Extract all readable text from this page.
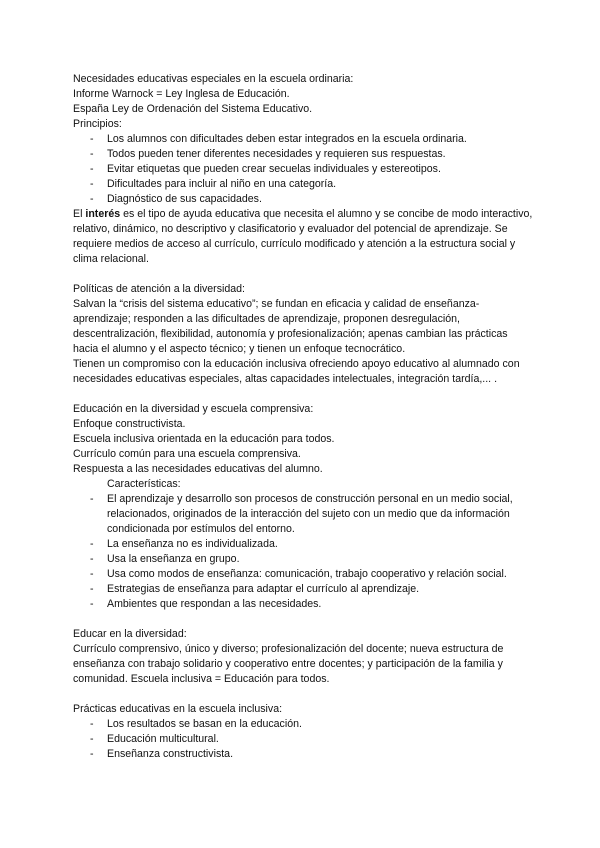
Necesidades educativas especiales en la escuela ordinaria:

Informe Warnock = Ley Inglesa de Educación.

España Ley de Ordenación del Sistema Educativo.

Principios:

- Los alumnos con dificultades deben estar integrados en la escuela ordinaria.
- Todos pueden tener diferentes necesidades y requieren sus respuestas.
- Evitar etiquetas que pueden crear secuelas individuales y estereotipos.
- Dificultades para incluir al niño en una categoría.
- Diagnóstico de sus capacidades.

El interés es el tipo de ayuda educativa que necesita el alumno y se concibe de modo interactivo, relativo, dinámico, no descriptivo y clasificatorio y evaluador del potencial de aprendizaje. Se requiere medios de acceso al currículo, currículo modificado y atención a la estructura social y clima relacional.

Políticas de atención a la diversidad:

Salvan la “crisis del sistema educativo”; se fundan en eficacia y calidad de enseñanza-aprendizaje; responden a las dificultades de aprendizaje, proponen desregulación, descentralización, flexibilidad, autonomía y profesionalización; apenas cambian las prácticas hacia el alumno y el aspecto técnico; y tienen un enfoque tecnocrático.

Tienen un compromiso con la educación inclusiva ofreciendo apoyo educativo al alumnado con necesidades educativas especiales, altas capacidades intelectuales, integración tardía,... .

Educación en la diversidad y escuela comprensiva:

Enfoque constructivista.

Escuela inclusiva orientada en la educación para todos.

Currículo común para una escuela comprensiva.

Respuesta a las necesidades educativas del alumno.

Características:

- El aprendizaje y desarrollo son procesos de construcción personal en un medio social, relacionados, originados de la interacción del sujeto con un medio que da información condicionada por estímulos del entorno.
- La enseñanza no es individualizada.
- Usa la enseñanza en grupo.
- Usa como modos de enseñanza: comunicación, trabajo cooperativo y relación social.
- Estrategias de enseñanza para adaptar el currículo al aprendizaje.
- Ambientes que respondan a las necesidades.

Educar en la diversidad:

Currículo comprensivo, único y diverso; profesionalización del docente; nueva estructura de enseñanza con trabajo solidario y cooperativo entre docentes; y participación de la familia y comunidad. Escuela inclusiva = Educación para todos.

Prácticas educativas en la escuela inclusiva:

- Los resultados se basan en la educación.
- Educación multicultural.
- Enseñanza constructivista.
